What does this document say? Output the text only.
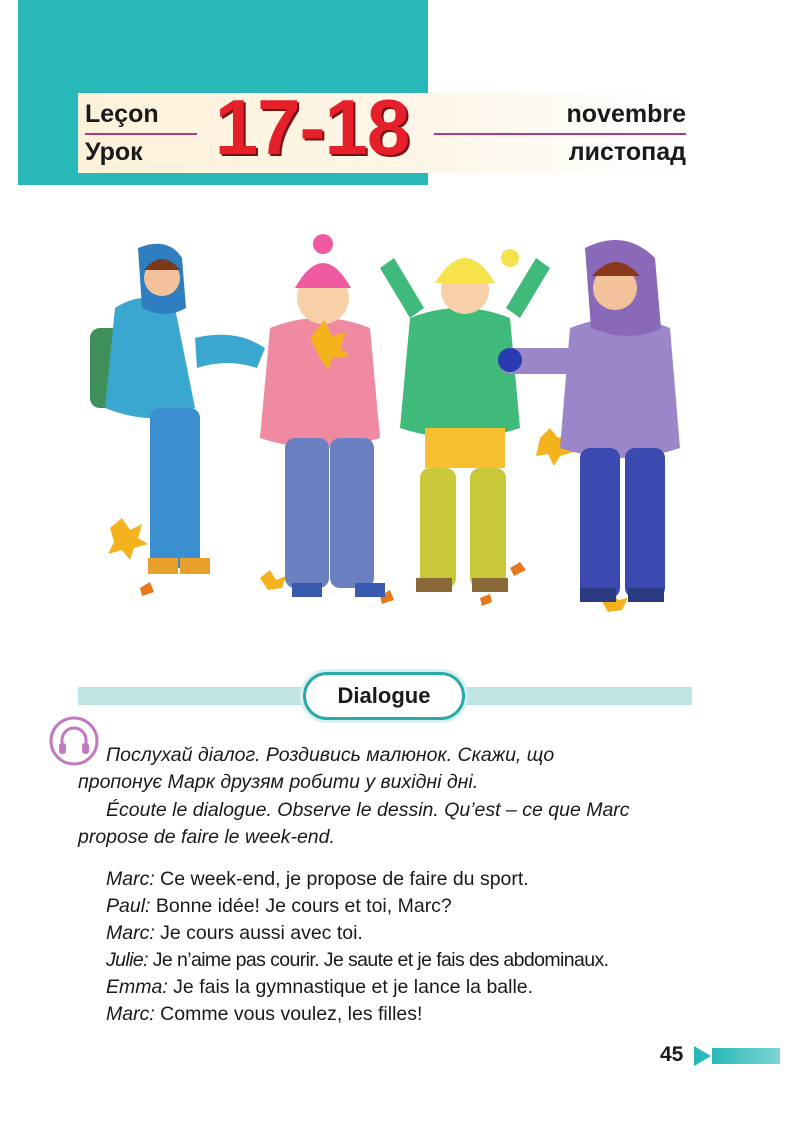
Leçon
Урок 17-18	novembre
листопад
Dialogue
Послухай діалог. Роздивись малюнок. Скажи, що
пропонує Марк друзям робити у вихідні дні.
Écoute le dialogue. Observe le dessin. Qu’est – ce que Marc
propose de faire le week-end.
Marc: Ce week-end, je propose de faire du sport.
Paul: Bonne idée! Je cours et toi, Marc?
Marc: Je cours aussi avec toi.
Julie: Je n’aime pas courir. Je saute et je fais des abdominaux.
Emma: Je fais la gymnastique et je lance la balle.
Marc: Comme vous voulez, les filles!
45
